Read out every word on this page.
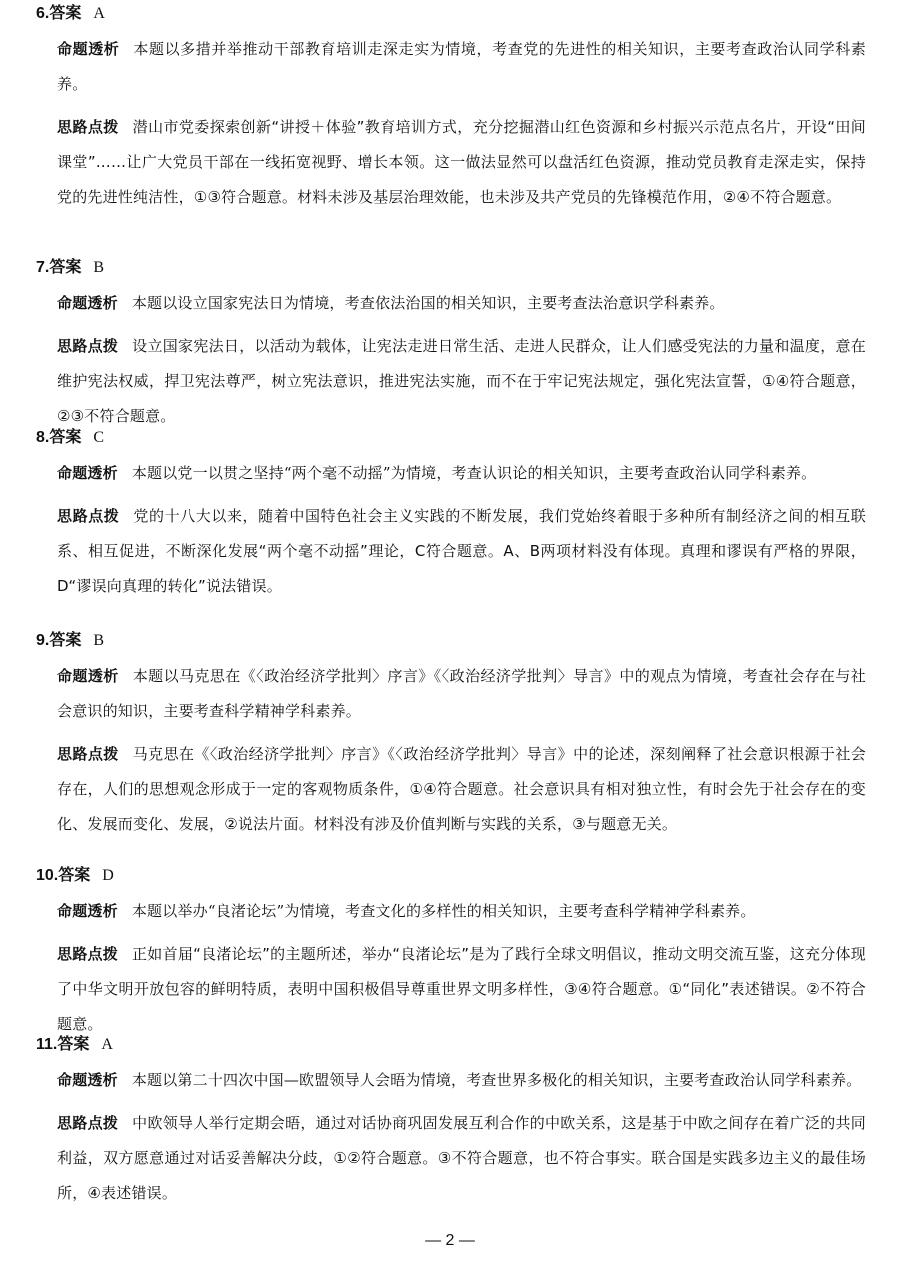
6.答案 A
命题透析 本题以多措并举推动干部教育培训走深走实为情境，考查党的先进性的相关知识，主要考查政治认同学科素养。
思路点拨 潜山市党委探索创新“讲授＋体验”教育培训方式，充分挖掘潜山红色资源和乡村振兴示范点名片，开设“田间课堂”……让广大党员干部在一线拓宽视野、增长本领。这一做法显然可以盘活红色资源，推动党员教育走深走实，保持党的先进性纯洁性，①③符合题意。材料未涉及基层治理效能，也未涉及共产党员的先锋模范作用，②④不符合题意。
7.答案 B
命题透析 本题以设立国家宪法日为情境，考查依法治国的相关知识，主要考查法治意识学科素养。
思路点拨 设立国家宪法日，以活动为载体，让宪法走进日常生活、走进人民群众，让人们感受宪法的力量和温度，意在维护宪法权威，捍卫宪法尊严，树立宪法意识，推进宪法实施，而不在于牢记宪法规定，强化宪法宣誓，①④符合题意，②③不符合题意。
8.答案 C
命题透析 本题以党一以贯之坚持“两个毫不动摇”为情境，考查认识论的相关知识，主要考查政治认同学科素养。
思路点拨 党的十八大以来，随着中国特色社会主义实践的不断发展，我们党始终着眼于多种所有制经济之间的相互联系、相互促进，不断深化发展“两个毫不动摇”理论，C符合题意。A、B两项材料没有体现。真理和谬误有严格的界限，D“谬误向真理的转化”说法错误。
9.答案 B
命题透析 本题以马克思在《〈政治经济学批判〉序言》《〈政治经济学批判〉导言》中的观点为情境，考查社会存在与社会意识的知识，主要考查科学精神学科素养。
思路点拨 马克思在《〈政治经济学批判〉序言》《〈政治经济学批判〉导言》中的论述，深刻阐释了社会意识根源于社会存在，人们的思想观念形成于一定的客观物质条件，①④符合题意。社会意识具有相对独立性，有时会先于社会存在的变化、发展而变化、发展，②说法片面。材料没有涉及价值判断与实践的关系，③与题意无关。
10.答案 D
命题透析 本题以举办“良渚论坛”为情境，考查文化的多样性的相关知识，主要考查科学精神学科素养。
思路点拨 正如首届“良渚论坛”的主题所述，举办“良渚论坛”是为了践行全球文明倡议，推动文明交流互鉴，这充分体现了中华文明开放包容的鲜明特质，表明中国积极倡导尊重世界文明多样性，③④符合题意。①“同化”表述错误。②不符合题意。
11.答案 A
命题透析 本题以第二十四次中国—欧盟领导人会晤为情境，考查世界多极化的相关知识，主要考查政治认同学科素养。
思路点拨 中欧领导人举行定期会晤，通过对话协商巩固发展互利合作的中欧关系，这是基于中欧之间存在着广泛的共同利益，双方愿意通过对话妥善解决分歧，①②符合题意。③不符合题意，也不符合事实。联合国是实践多边主义的最佳场所，④表述错误。
— 2 —
